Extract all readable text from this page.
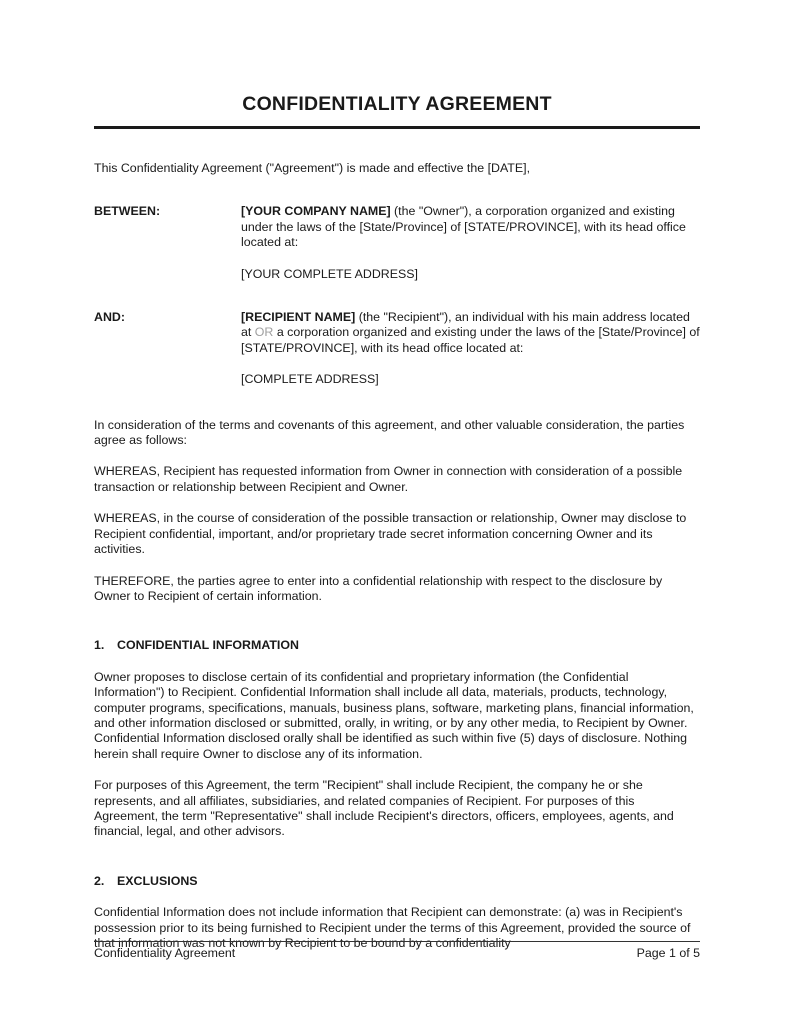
CONFIDENTIALITY AGREEMENT

This Confidentiality Agreement ("Agreement") is made and effective the [DATE],

BETWEEN:	[YOUR COMPANY NAME] (the "Owner"), a corporation organized and existing under the laws of the [State/Province] of [STATE/PROVINCE], with its head office located at:

[YOUR COMPLETE ADDRESS]

AND:	[RECIPIENT NAME] (the "Recipient"), an individual with his main address located at OR a corporation organized and existing under the laws of the [State/Province] of [STATE/PROVINCE], with its head office located at:

[COMPLETE ADDRESS]

In consideration of the terms and covenants of this agreement, and other valuable consideration, the parties agree as follows:

WHEREAS, Recipient has requested information from Owner in connection with consideration of a possible transaction or relationship between Recipient and Owner.

WHEREAS, in the course of consideration of the possible transaction or relationship, Owner may disclose to Recipient confidential, important, and/or proprietary trade secret information concerning Owner and its activities.

THEREFORE, the parties agree to enter into a confidential relationship with respect to the disclosure by Owner to Recipient of certain information.

1. CONFIDENTIAL INFORMATION

Owner proposes to disclose certain of its confidential and proprietary information (the Confidential Information") to Recipient. Confidential Information shall include all data, materials, products, technology, computer programs, specifications, manuals, business plans, software, marketing plans, financial information, and other information disclosed or submitted, orally, in writing, or by any other media, to Recipient by Owner. Confidential Information disclosed orally shall be identified as such within five (5) days of disclosure. Nothing herein shall require Owner to disclose any of its information.

For purposes of this Agreement, the term "Recipient" shall include Recipient, the company he or she represents, and all affiliates, subsidiaries, and related companies of Recipient. For purposes of this Agreement, the term "Representative" shall include Recipient's directors, officers, employees, agents, and financial, legal, and other advisors.

2. EXCLUSIONS

Confidential Information does not include information that Recipient can demonstrate: (a) was in Recipient's possession prior to its being furnished to Recipient under the terms of this Agreement, provided the source of that information was not known by Recipient to be bound by a confidentiality

Confidentiality Agreement	Page 1 of 5
